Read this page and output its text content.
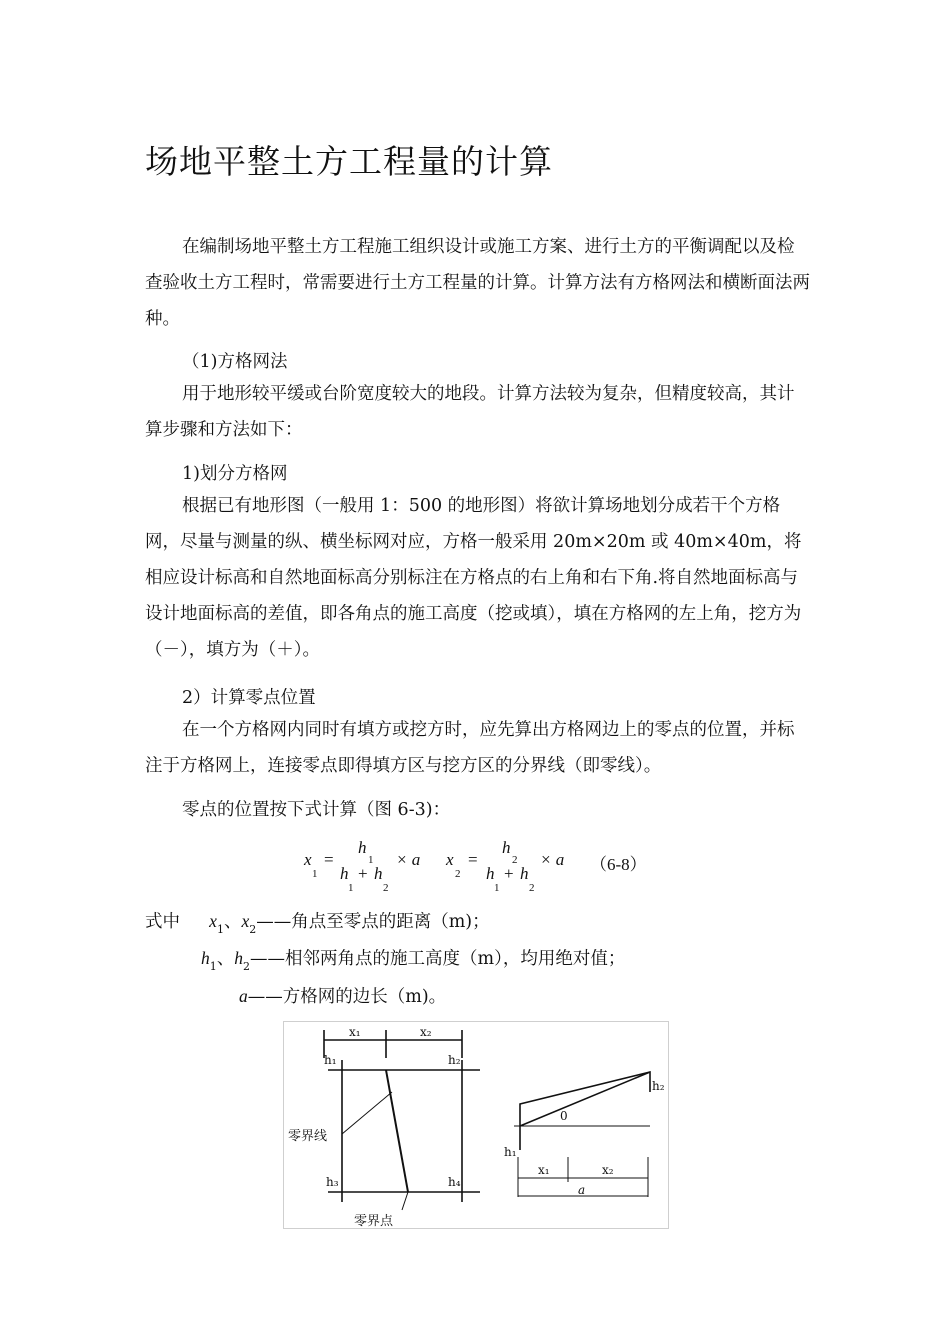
场地平整土方工程量的计算
在编制场地平整土方工程施工组织设计或施工方案、进行土方的平衡调配以及检查验收土方工程时，常需要进行土方工程量的计算。计算方法有方格网法和横断面法两种。
（1)方格网法
用于地形较平缓或台阶宽度较大的地段。计算方法较为复杂，但精度较高，其计算步骤和方法如下：
1)划分方格网
根据已有地形图（一般用 1：500 的地形图）将欲计算场地划分成若干个方格网，尽量与测量的纵、横坐标网对应，方格一般采用 20m×20m 或 40m×40m，将相应设计标高和自然地面标高分别标注在方格点的右上角和右下角.将自然地面标高与设计地面标高的差值，即各角点的施工高度（挖或填），填在方格网的左上角，挖方为（－），填方为（＋）。
2）计算零点位置
在一个方格网内同时有填方或挖方时，应先算出方格网边上的零点的位置，并标注于方格网上，连接零点即得填方区与挖方区的分界线（即零线）。
零点的位置按下式计算（图 6-3)：
x
1
=
h
1
h
1
+ h
2
× a x
2
=
h
2
h
1
+ h
2
× a （6-8）
式中 $x_1$、$x_2——$角点至零点的距离（m)；
$h_1$、$h_2——$相邻两角点的施工高度（m），均用绝对值；
a——方格网的边长（m)。
x₁	x₂
h₁	h₂
h₃	h₄
零界线
零界点
0
h₂
h₁
x₁	x₂
a
